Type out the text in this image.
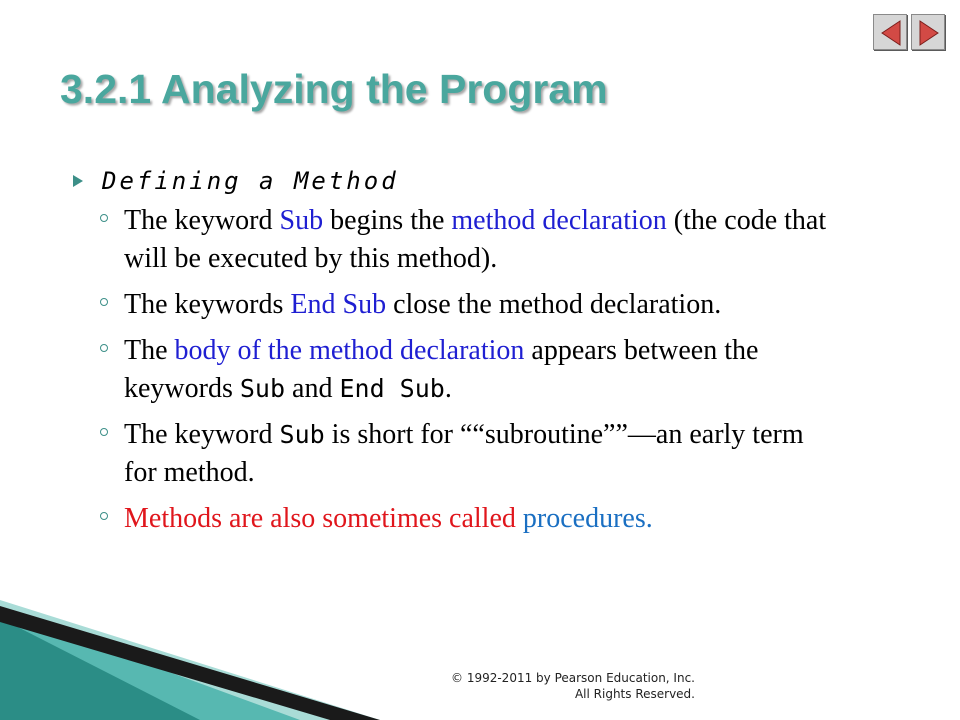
3.2.1 Analyzing the Program
Defining a Method
The keyword Sub begins the method declaration (the code that will be executed by this method).
The keywords End Sub close the method declaration.
The body of the method declaration appears between the keywords Sub and End Sub.
The keyword Sub is short for ““subroutine””—an early term for method.
Methods are also sometimes called procedures.
© 1992-2011 by Pearson Education, Inc.
All Rights Reserved.
